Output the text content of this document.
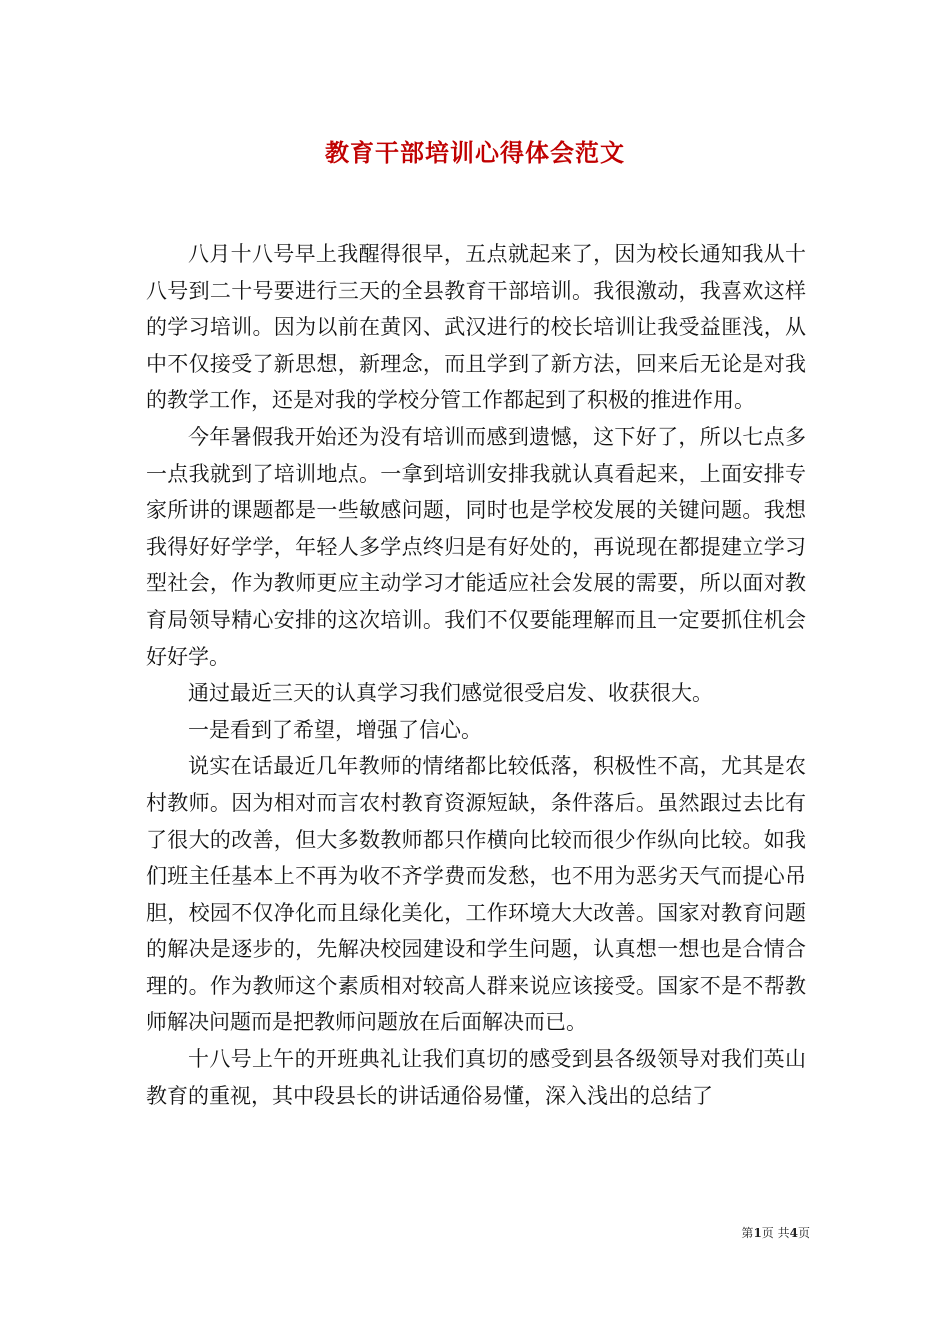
教育干部培训心得体会范文

八月十八号早上我醒得很早，五点就起来了，因为校长通知我从十八号到二十号要进行三天的全县教育干部培训。我很激动，我喜欢这样的学习培训。因为以前在黄冈、武汉进行的校长培训让我受益匪浅，从中不仅接受了新思想，新理念，而且学到了新方法，回来后无论是对我的教学工作，还是对我的学校分管工作都起到了积极的推进作用。

今年暑假我开始还为没有培训而感到遗憾，这下好了，所以七点多一点我就到了培训地点。一拿到培训安排我就认真看起来，上面安排专家所讲的课题都是一些敏感问题，同时也是学校发展的关键问题。我想我得好好学学，年轻人多学点终归是有好处的，再说现在都提建立学习型社会，作为教师更应主动学习才能适应社会发展的需要，所以面对教育局领导精心安排的这次培训。我们不仅要能理解而且一定要抓住机会好好学。

通过最近三天的认真学习我们感觉很受启发、收获很大。

一是看到了希望，增强了信心。

说实在话最近几年教师的情绪都比较低落，积极性不高，尤其是农村教师。因为相对而言农村教育资源短缺，条件落后。虽然跟过去比有了很大的改善，但大多数教师都只作横向比较而很少作纵向比较。如我们班主任基本上不再为收不齐学费而发愁，也不用为恶劣天气而提心吊胆，校园不仅净化而且绿化美化，工作环境大大改善。国家对教育问题的解决是逐步的，先解决校园建设和学生问题，认真想一想也是合情合理的。作为教师这个素质相对较高人群来说应该接受。国家不是不帮教师解决问题而是把教师问题放在后面解决而已。

十八号上午的开班典礼让我们真切的感受到县各级领导对我们英山教育的重视，其中段县长的讲话通俗易懂，深入浅出的总结了

第1页 共4页
